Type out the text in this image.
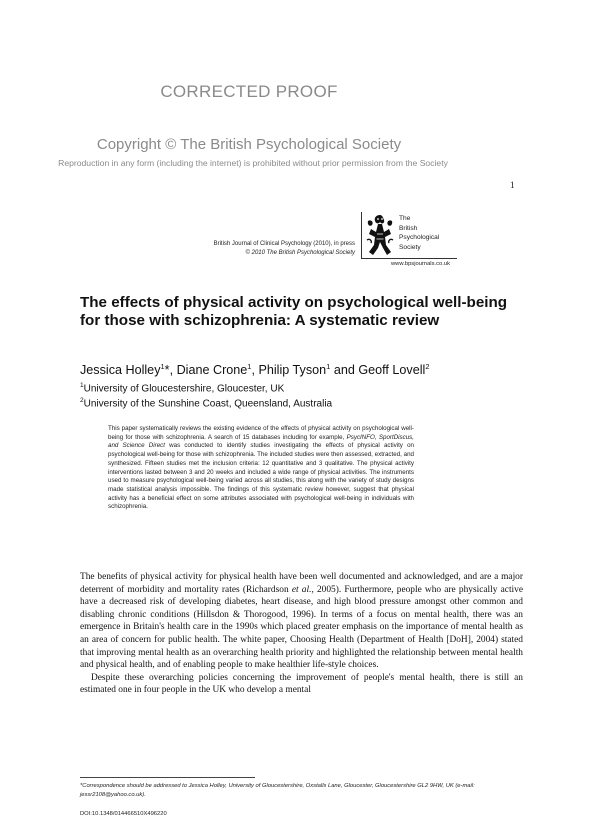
CORRECTED PROOF
Copyright © The British Psychological Society
Reproduction in any form (including the internet) is prohibited without prior permission from the Society
1
British Journal of Clinical Psychology (2010), in press
© 2010 The British Psychological Society
The
British
Psychological
Society
www.bpsjournals.co.uk
The effects of physical activity on psychological well-being for those with schizophrenia: A systematic review
Jessica Holley$^1$*, Diane Crone$^1$, Philip Tyson$^1$ and Geoff Lovell$^2$
$^1$University of Gloucestershire, Gloucester, UK
$^2$University of the Sunshine Coast, Queensland, Australia

This paper systematically reviews the existing evidence of the effects of physical activity on psychological well-being for those with schizophrenia. A search of 15 databases including for example, PsycINFO, SportDiscus, and Science Direct was conducted to identify studies investigating the effects of physical activity on psychological well-being for those with schizophrenia. The included studies were then assessed, extracted, and synthesized. Fifteen studies met the inclusion criteria: 12 quantitative and 3 qualitative. The physical activity interventions lasted between 3 and 20 weeks and included a wide range of physical activities. The instruments used to measure psychological well-being varied across all studies, this along with the variety of study designs made statistical analysis impossible. The findings of this systematic review however, suggest that physical activity has a beneficial effect on some attributes associated with psychological well-being in individuals with schizophrenia.

The benefits of physical activity for physical health have been well documented and acknowledged, and are a major deterrent of morbidity and mortality rates (Richardson et al., 2005). Furthermore, people who are physically active have a decreased risk of developing diabetes, heart disease, and high blood pressure amongst other common and disabling chronic conditions (Hillsdon & Thorogood, 1996). In terms of a focus on mental health, there was an emergence in Britain's health care in the 1990s which placed greater emphasis on the importance of mental health as an area of concern for public health. The white paper, Choosing Health (Department of Health [DoH], 2004) stated that improving mental health as an overarching health priority and highlighted the relationship between mental health and physical health, and of enabling people to make healthier life-style choices.

Despite these overarching policies concerning the improvement of people's mental health, there is still an estimated one in four people in the UK who develop a mental

*Correspondence should be addressed to Jessica Holley, University of Gloucestershire, Oxstalls Lane, Gloucester, Gloucestershire GL2 9HW, UK (e-mail: jessr2108@yahoo.co.uk).
DOI:10.1348/014466510X496220
